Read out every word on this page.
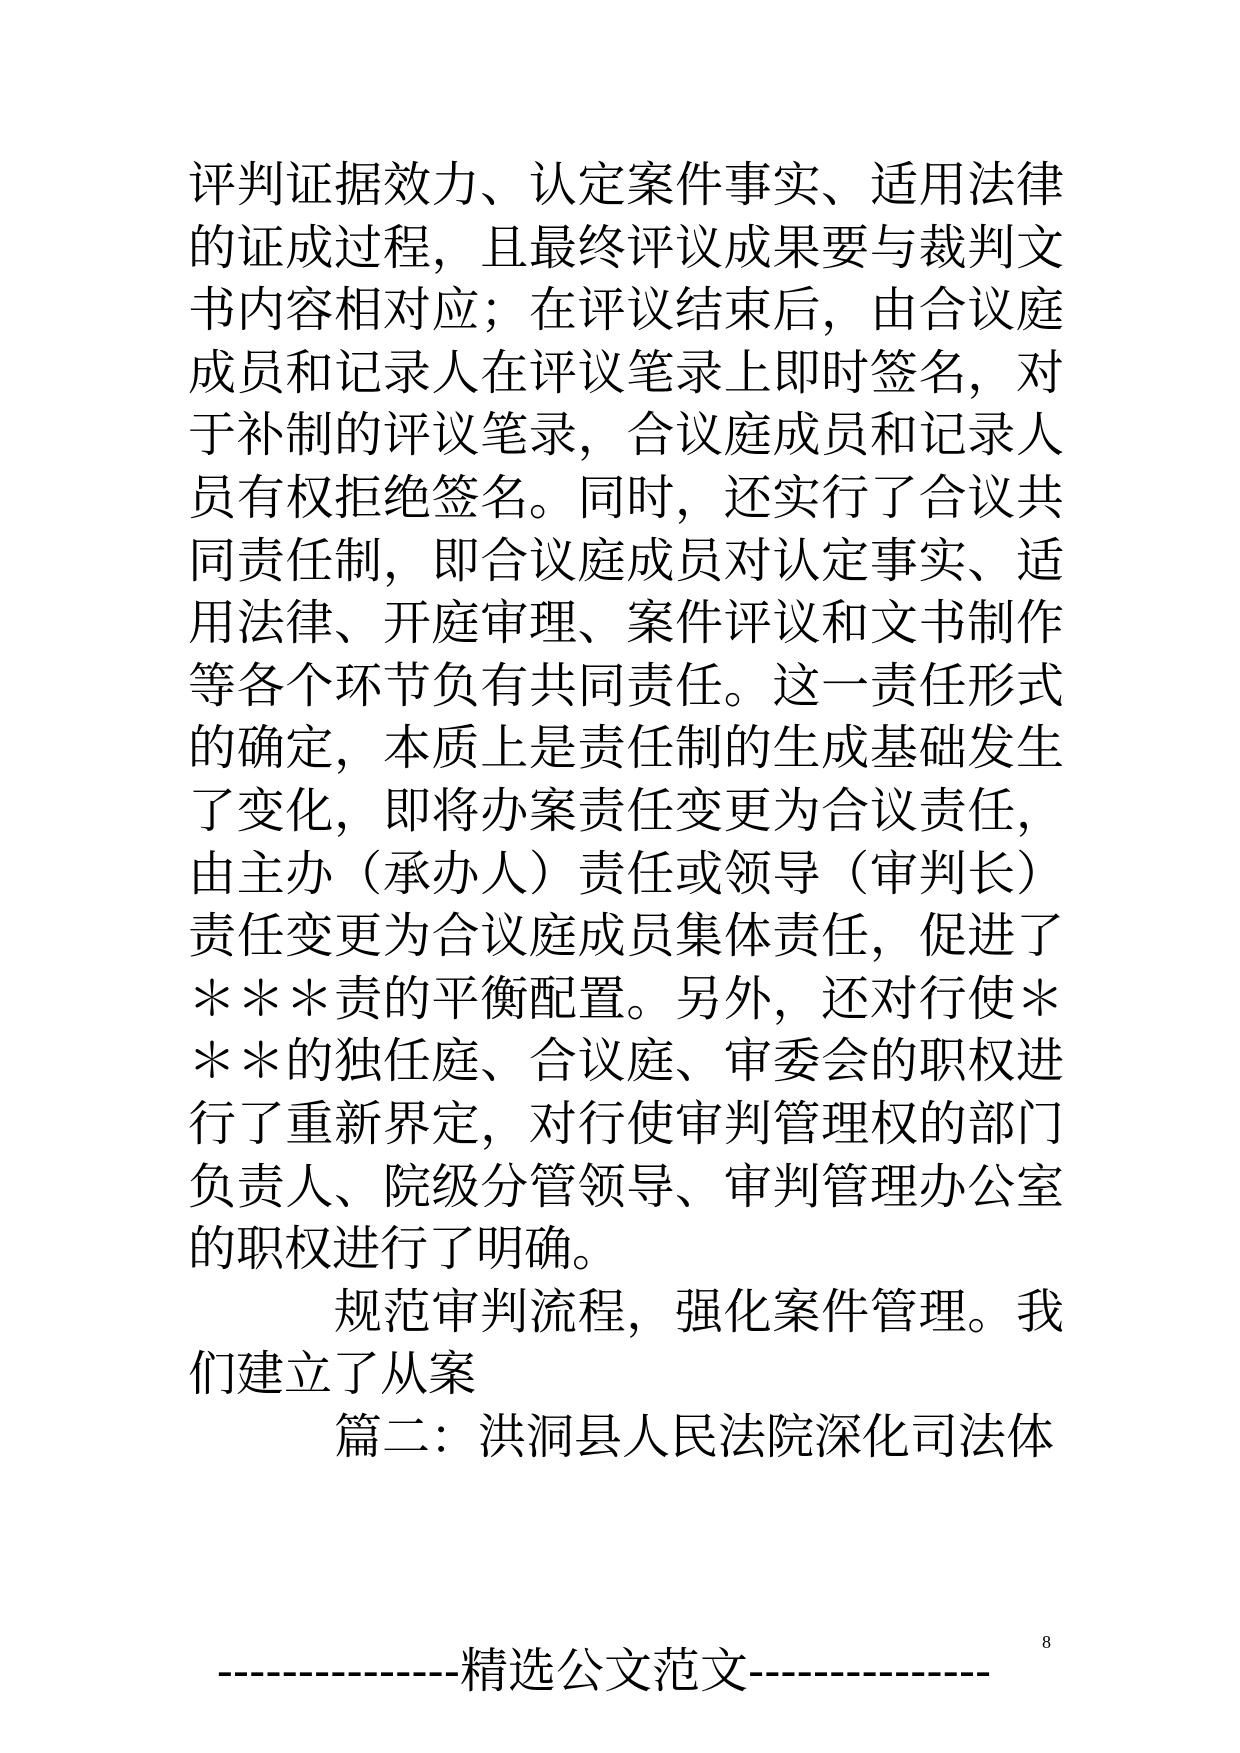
评判证据效力、认定案件事实、适用法律的证成过程，且最终评议成果要与裁判文书内容相对应；在评议结束后，由合议庭成员和记录人在评议笔录上即时签名，对于补制的评议笔录，合议庭成员和记录人员有权拒绝签名。同时，还实行了合议共同责任制，即合议庭成员对认定事实、适用法律、开庭审理、案件评议和文书制作等各个环节负有共同责任。这一责任形式的确定，本质上是责任制的生成基础发生了变化，即将办案责任变更为合议责任，由主办（承办人）责任或领导（审判长）责任变更为合议庭成员集体责任，促进了＊＊＊责的平衡配置。另外，还对行使＊＊＊的独任庭、合议庭、审委会的职权进行了重新界定，对行使审判管理权的部门负责人、院级分管领导、审判管理办公室的职权进行了明确。

规范审判流程，强化案件管理。我们建立了从案

篇二：洪洞县人民法院深化司法体

8
---------------精选公文范文---------------
